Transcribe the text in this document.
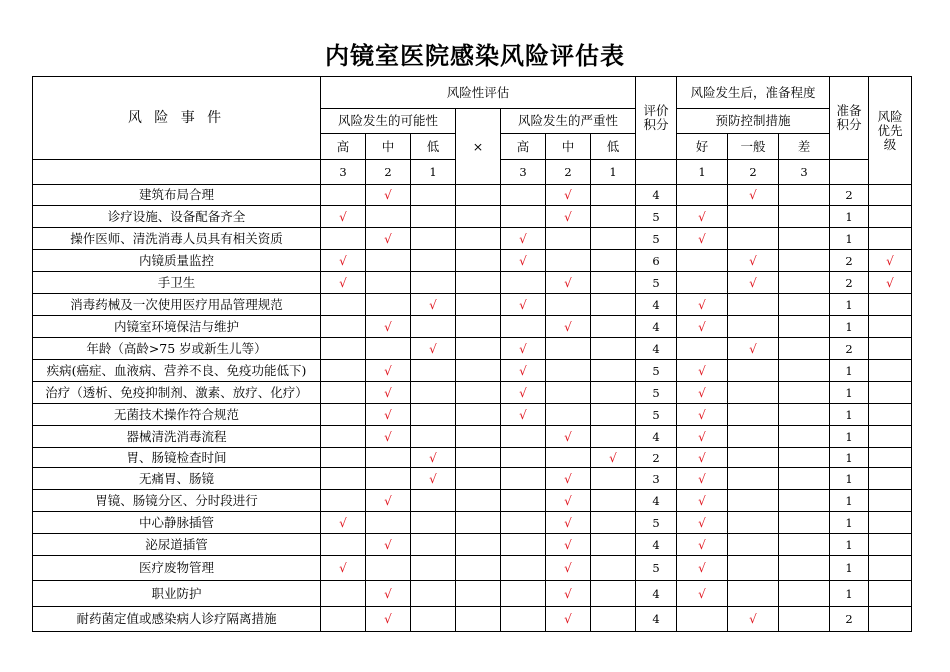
内镜室医院感染风险评估表
风 险 事 件	风险性评估							评价积分	风险发生后，准备程度			准备积分	风险优先级
	风险发生的可能性			×	风险发生的严重性				预防控制措施				
	高	中	低		高	中	低		好	一般	差		
	3	2	1		3	2	1		1	2	3		
建筑布局合理		√				√		4		√		2	
诊疗设施、设备配备齐全	√					√		5	√			1	
操作医师、清洗消毒人员具有相关资质		√			√			5	√			1	
内镜质量监控	√				√			6		√		2	√
手卫生	√					√		5		√		2	√
消毒药械及一次使用医疗用品管理规范			√		√			4	√			1	
内镜室环境保洁与维护		√				√		4	√			1	
年龄（高龄>75 岁或新生儿等）			√		√			4		√		2	
疾病(癌症、血液病、营养不良、免疫功能低下)		√			√			5	√			1	
治疗（透析、免疫抑制剂、激素、放疗、化疗）		√			√			5	√			1	
无菌技术操作符合规范		√			√			5	√			1	
器械清洗消毒流程		√				√		4	√			1	
胃、肠镜检查时间			√				√	2	√			1	
无痛胃、肠镜			√			√		3	√			1	
胃镜、肠镜分区、分时段进行		√				√		4	√			1	
中心静脉插管	√					√		5	√			1	
泌尿道插管		√				√		4	√			1	
医疗废物管理	√					√		5	√			1	
职业防护		√				√		4	√			1	
耐药菌定值或感染病人诊疗隔离措施		√				√		4		√		2	
